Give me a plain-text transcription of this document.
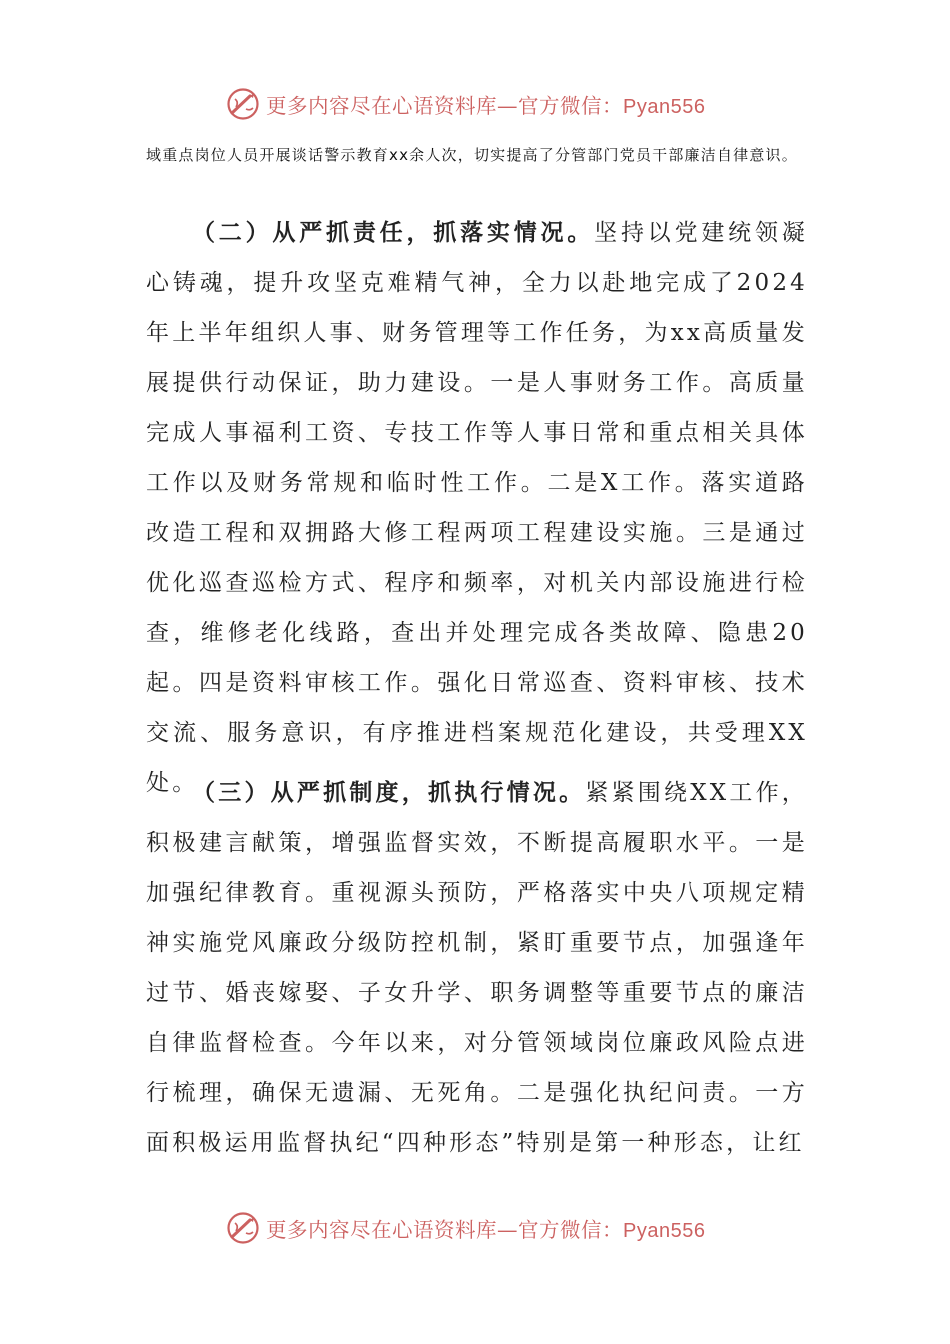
更多内容尽在心语资料库—官方微信：Pyan556

域重点岗位人员开展谈话警示教育xx余人次，切实提高了分管部门党员干部廉洁自律意识。

（二）从严抓责任，抓落实情况。坚持以党建统领凝心铸魂，提升攻坚克难精气神，全力以赴地完成了2024年上半年组织人事、财务管理等工作任务，为xx高质量发展提供行动保证，助力建设。一是人事财务工作。高质量完成人事福利工资、专技工作等人事日常和重点相关具体工作以及财务常规和临时性工作。二是X工作。落实道路改造工程和双拥路大修工程两项工程建设实施。三是通过优化巡查巡检方式、程序和频率，对机关内部设施进行检查，维修老化线路，查出并处理完成各类故障、隐患20起。四是资料审核工作。强化日常巡查、资料审核、技术交流、服务意识，有序推进档案规范化建设，共受理XX处。

（三）从严抓制度，抓执行情况。紧紧围绕XX工作，积极建言献策，增强监督实效，不断提高履职水平。一是加强纪律教育。重视源头预防，严格落实中央八项规定精神实施党风廉政分级防控机制，紧盯重要节点，加强逢年过节、婚丧嫁娶、子女升学、职务调整等重要节点的廉洁自律监督检查。今年以来，对分管领域岗位廉政风险点进行梳理，确保无遗漏、无死角。二是强化执纪问责。一方面积极运用监督执纪“四种形态”特别是第一种形态，让红

更多内容尽在心语资料库—官方微信：Pyan556
